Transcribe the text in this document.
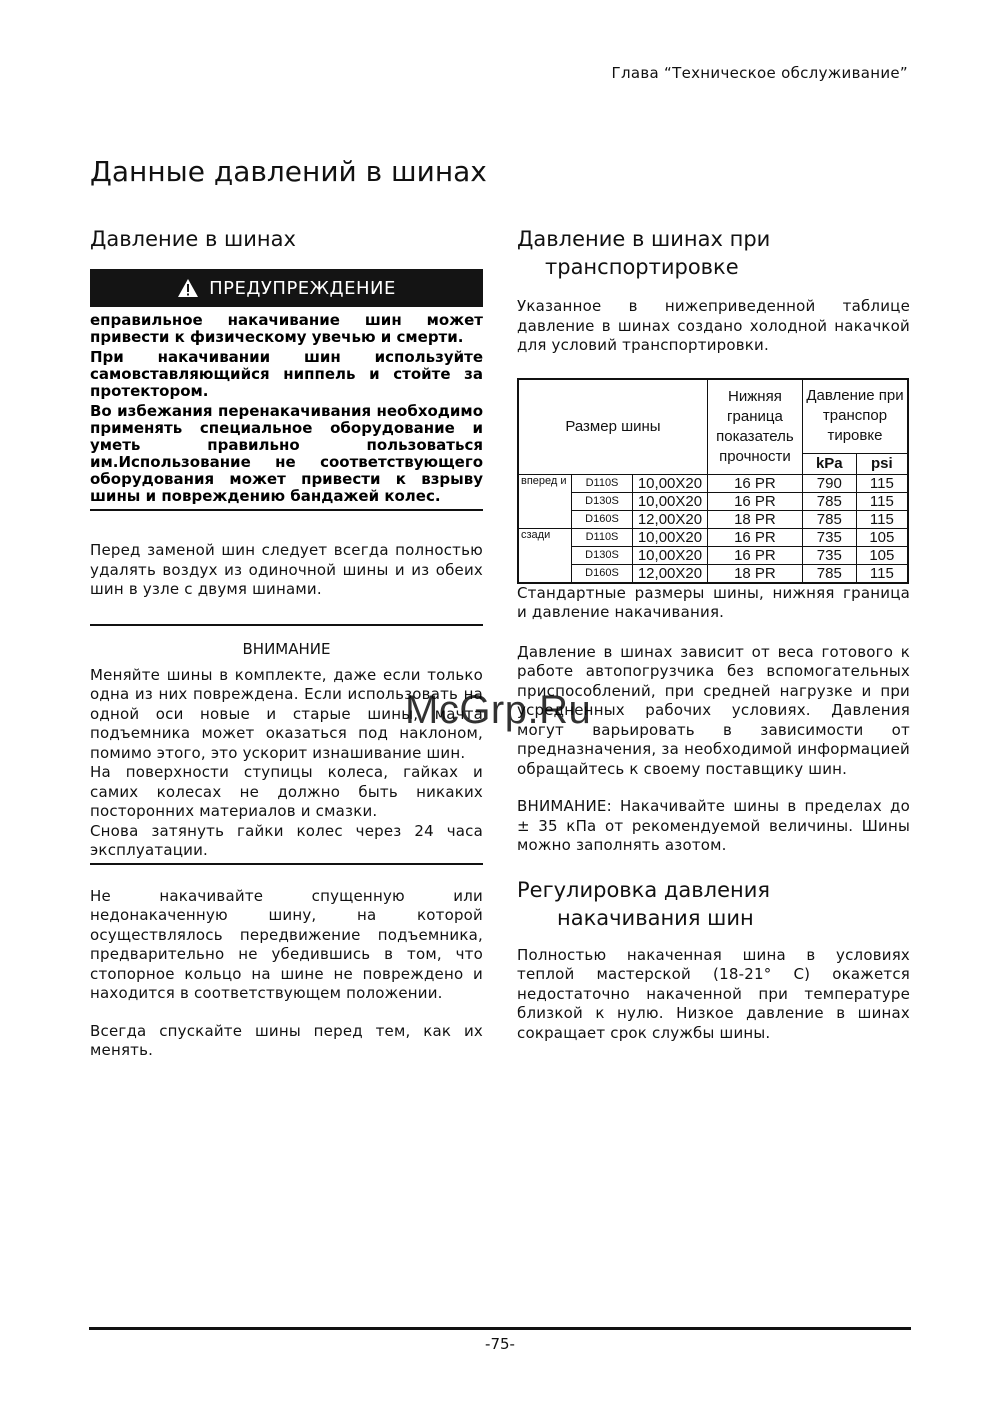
Глава “Техническое обслуживание”
Данные давлений в шинах
Давление в шинах
ПРЕДУПРЕЖДЕНИЕ

еправильное накачивание шин может привести к физическому увечью и смерти.

При накачивании шин используйте самовставляющийся ниппель и стойте за протектором.

Во избежания перенакачивания необходимо применять специальное оборудование и уметь правильно пользоваться им.Использование не соответствующего оборудования может привести к взрыву шины и повреждению бандажей колес.

Перед заменой шин следует всегда полностью удалять воздух из одиночной шины и из обеих шин в узле с двумя шинами.

ВНИМАНИЕ

Меняйте шины в комплекте, даже если только одна из них повреждена. Если использовать на одной оси новые и старые шины, мачта подъемника может оказаться под наклоном, помимо этого, это ускорит изнашивание шин.

На поверхности ступицы колеса, гайках и самих колесах не должно быть никаких посторонних материалов и смазки.

Снова затянуть гайки колес через 24 часа эксплуатации.

Не накачивайте спущенную или недонакаченную шину, на которой осуществлялось передвижение подъемника, предварительно не убедившись в том, что стопорное кольцо на шине не повреждено и находится в соответствующем положении.

Всегда спускайте шины перед тем, как их менять.

Давление в шинах при
транспортировке

Указанное в нижеприведенной таблице давление в шинах создано холодной накачкой для условий транспортировки.

Размер шины			Нижняя граница показатель прочности	Давление при транспор тировке	
				kPa	psi
вперед и	D110S	10,00X20	16 PR	790	115
	D130S	10,00X20	16 PR	785	115
	D160S	12,00X20	18 PR	785	115
сзади	D110S	10,00X20	16 PR	735	105
	D130S	10,00X20	16 PR	735	105
	D160S	12,00X20	18 PR	785	115

Стандартные размеры шины, нижняя граница и давление накачивания.

Давление в шинах зависит от веса готового к работе автопогрузчика без вспомогательных приспособлений, при средней нагрузке и при усредненных рабочих условиях. Давления могут варьировать в зависимости от предназначения, за необходимой информацией обращайтесь к своему поставщику шин.

ВНИМАНИЕ: Накачивайте шины в пределах до ± 35 кПа от рекомендуемой величины. Шины можно заполнять азотом.

Регулировка давления
накачивания шин

Полностью накаченная шина в условиях теплой мастерской (18-21° С) окажется недостаточно накаченной при температуре близкой к нулю. Низкое давление в шинах сокращает срок службы шины.

McGrp.Ru
-75-
